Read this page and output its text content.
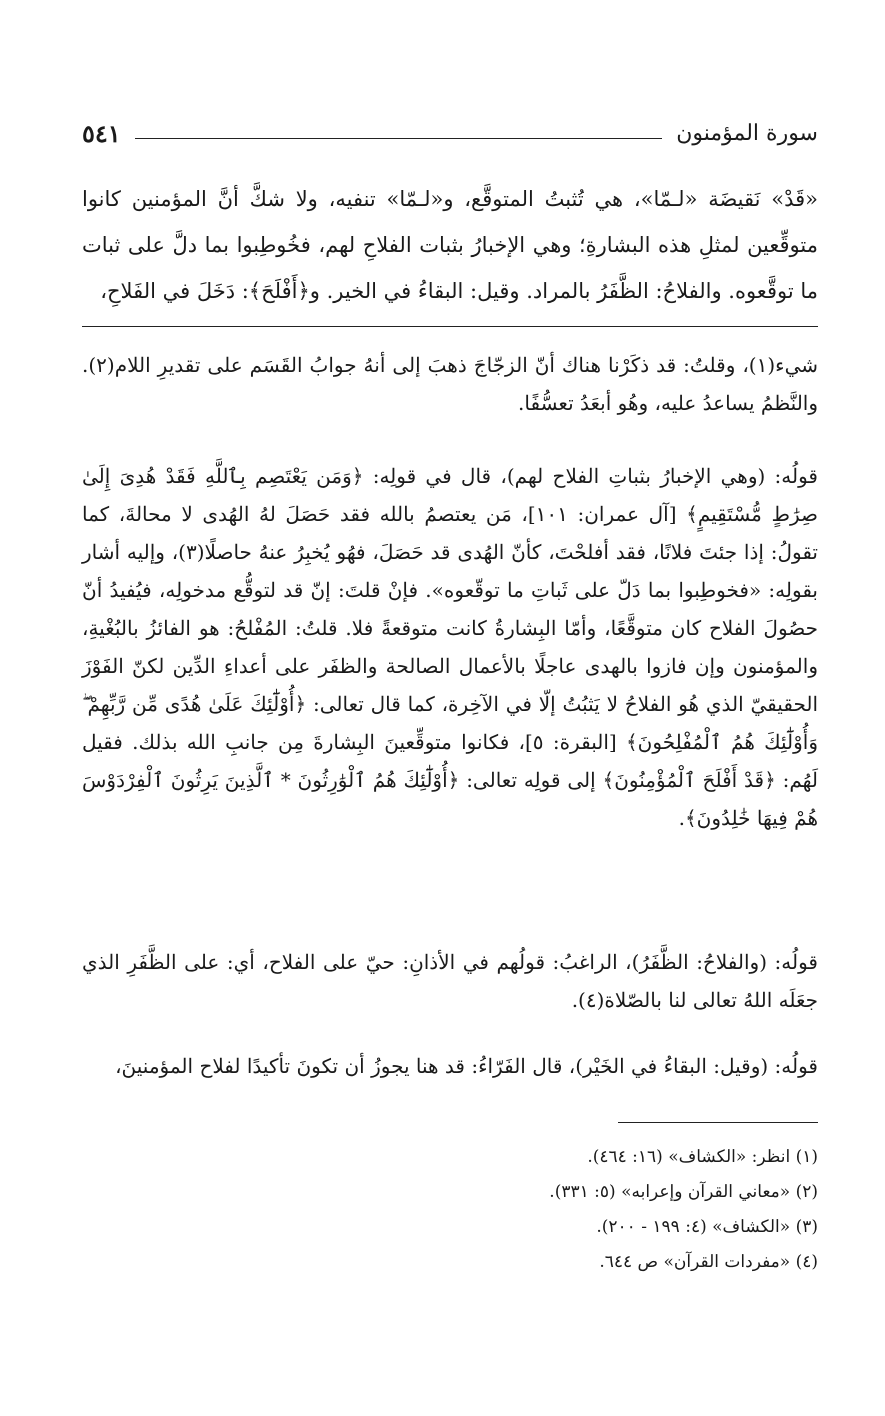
سورة المؤمنون
٥٤١

«قَدْ» نَقيضَة «لـمّا»، هي تُثبتُ المتوقَّع، و«لـمّا» تنفيه، ولا شكَّ أنَّ المؤمنين كانوا متوقِّعين لمثلِ هذه البشارةِ؛ وهي الإخبارُ بثبات الفلاحِ لهم، فخُوطِبوا بما دلَّ على ثبات ما توقَّعوه. والفلاحُ: الظَّفَرُ بالمراد. وقيل: البقاءُ في الخير. و﴿أَفْلَحَ﴾: دَخَلَ في الفَلاحِ،

شيء(١)، وقلتُ: قد ذكَرْنا هناك أنّ الزجّاجَ ذهبَ إلى أنهُ جوابُ القَسَم على تقديرِ اللام(٢). والنَّظمُ يساعدُ عليه، وهُو أبعَدُ تعسُّفًا.

قولُه: (وهي الإخبارُ بثباتِ الفلاح لهم)، قال في قولِه: ﴿وَمَن يَعْتَصِم بِٱللَّهِ فَقَدْ هُدِىَ إِلَىٰ صِرَٰطٍ مُّسْتَقِيمٍ﴾ [آل عمران: ١٠١]، مَن يعتصمُ بالله فقد حَصَلَ لهُ الهُدى لا محالةَ، كما تقولُ: إذا جئتَ فلانًا، فقد أفلحْتَ، كأنّ الهُدى قد حَصَلَ، فهُو يُخبِرُ عنهُ حاصلًا(٣)، وإليه أشار بقولِه: «فخوطِبوا بما دَلّ على ثَباتِ ما توقّعوه». فإنْ قلتَ: إنّ قد لتوقُّع مدخولِه، فيُفيدُ أنّ حصُولَ الفلاح كان متوقَّعًا، وأمّا البِشارةُ كانت متوقعةً فلا. قلتُ: المُفْلحُ: هو الفائزُ بالبُغْيةِ، والمؤمنون وإن فازوا بالهدى عاجلًا بالأعمال الصالحة والظفَر على أعداءِ الدِّين لكنّ الفَوْزَ الحقيقيّ الذي هُو الفلاحُ لا يَثبُتُ إلّا في الآخِرة، كما قال تعالى: ﴿أُوْلَٰٓئِكَ عَلَىٰ هُدًى مِّن رَّبِّهِمْ ۖ وَأُوْلَٰٓئِكَ هُمُ ٱلْمُفْلِحُونَ﴾ [البقرة: ٥]، فكانوا متوقِّعينَ البِشارةَ مِن جانبِ الله بذلك. فقيل لَهُم: ﴿قَدْ أَفْلَحَ ٱلْمُؤْمِنُونَ﴾ إلى قولِه تعالى: ﴿أُوْلَٰٓئِكَ هُمُ ٱلْوَٰرِثُونَ * ٱلَّذِينَ يَرِثُونَ ٱلْفِرْدَوْسَ هُمْ فِيهَا خَٰلِدُونَ﴾.

قولُه: (والفلاحُ: الظَّفَرُ)، الراغبُ: قولُهم في الأذانِ: حيّ على الفلاح، أي: على الظَّفَرِ الذي جعَلَه اللهُ تعالى لنا بالصّلاة(٤).

قولُه: (وقيل: البقاءُ في الخَيْر)، قال الفَرّاءُ: قد هنا يجوزُ أن تكونَ تأكيدًا لفلاح المؤمنينَ،

(١) انظر: «الكشاف» (١٦: ٤٦٤).
(٢) «معاني القرآن وإعرابه» (٥: ٣٣١).
(٣) «الكشاف» (٤: ١٩٩ - ٢٠٠).
(٤) «مفردات القرآن» ص ٦٤٤.
